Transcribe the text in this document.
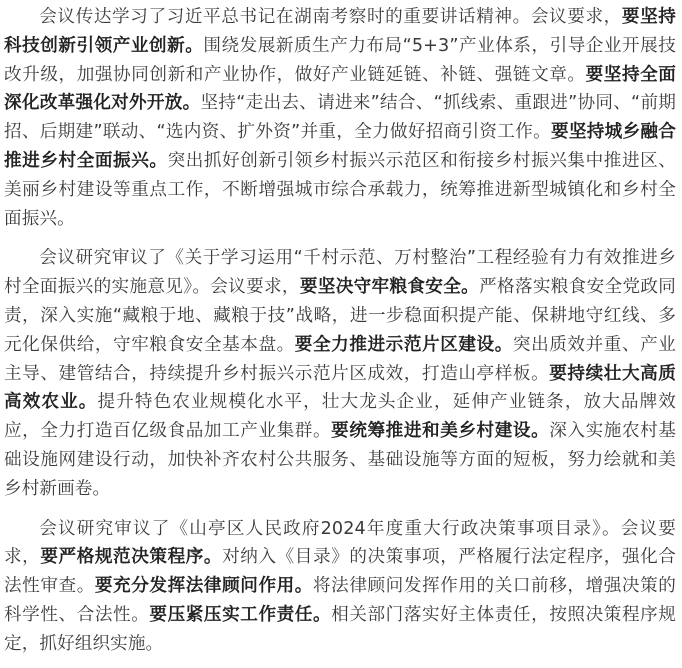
会议传达学习了习近平总书记在湖南考察时的重要讲话精神。会议要求，要坚持科技创新引领产业创新。围绕发展新质生产力布局“5+3”产业体系，引导企业开展技改升级，加强协同创新和产业协作，做好产业链延链、补链、强链文章。要坚持全面深化改革强化对外开放。坚持“走出去、请进来”结合、“抓线索、重跟进”协同、“前期招、后期建”联动、“选内资、扩外资”并重，全力做好招商引资工作。要坚持城乡融合推进乡村全面振兴。突出抓好创新引领乡村振兴示范区和衔接乡村振兴集中推进区、美丽乡村建设等重点工作，不断增强城市综合承载力，统筹推进新型城镇化和乡村全面振兴。

会议研究审议了《关于学习运用“千村示范、万村整治”工程经验有力有效推进乡村全面振兴的实施意见》。会议要求，要坚决守牢粮食安全。严格落实粮食安全党政同责，深入实施“藏粮于地、藏粮于技”战略，进一步稳面积提产能、保耕地守红线、多元化保供给，守牢粮食安全基本盘。要全力推进示范片区建设。突出质效并重、产业主导、建管结合，持续提升乡村振兴示范片区成效，打造山亭样板。要持续壮大高质高效农业。提升特色农业规模化水平，壮大龙头企业，延伸产业链条，放大品牌效应，全力打造百亿级食品加工产业集群。要统筹推进和美乡村建设。深入实施农村基础设施网建设行动，加快补齐农村公共服务、基础设施等方面的短板，努力绘就和美乡村新画卷。

会议研究审议了《山亭区人民政府2024年度重大行政决策事项目录》。会议要求，要严格规范决策程序。对纳入《目录》的决策事项，严格履行法定程序，强化合法性审查。要充分发挥法律顾问作用。将法律顾问发挥作用的关口前移，增强决策的科学性、合法性。要压紧压实工作责任。相关部门落实好主体责任，按照决策程序规定，抓好组织实施。
